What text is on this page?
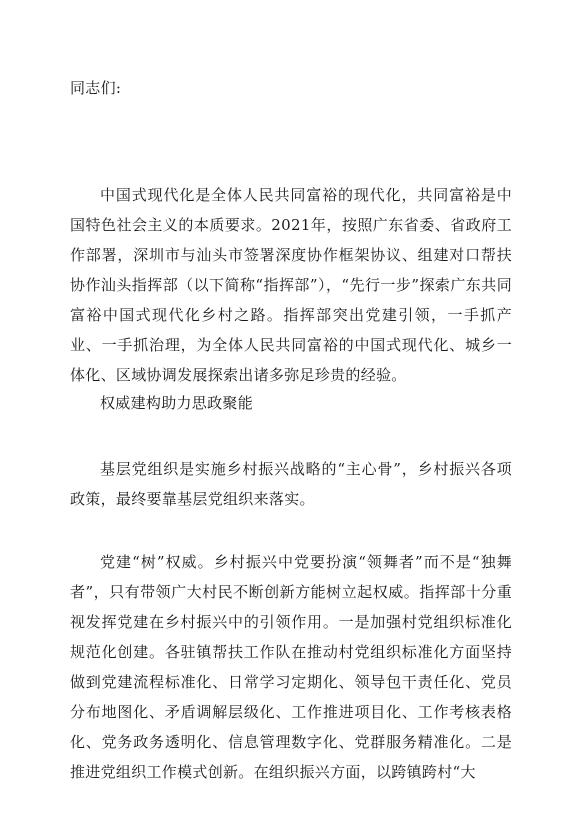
同志们:

中国式现代化是全体人民共同富裕的现代化，共同富裕是中国特色社会主义的本质要求。2021年，按照广东省委、省政府工作部署，深圳市与汕头市签署深度协作框架协议、组建对口帮扶协作汕头指挥部（以下简称“指挥部”），“先行一步”探索广东共同富裕中国式现代化乡村之路。指挥部突出党建引领，一手抓产业、一手抓治理，为全体人民共同富裕的中国式现代化、城乡一体化、区域协调发展探索出诸多弥足珍贵的经验。

权威建构助力思政聚能

基层党组织是实施乡村振兴战略的“主心骨”，乡村振兴各项政策，最终要靠基层党组织来落实。

党建“树”权威。乡村振兴中党要扮演“领舞者”而不是“独舞者”，只有带领广大村民不断创新方能树立起权威。指挥部十分重视发挥党建在乡村振兴中的引领作用。一是加强村党组织标准化规范化创建。各驻镇帮扶工作队在推动村党组织标准化方面坚持做到党建流程标准化、日常学习定期化、领导包干责任化、党员分布地图化、矛盾调解层级化、工作推进项目化、工作考核表格化、党务政务透明化、信息管理数字化、党群服务精准化。二是推进党组织工作模式创新。在组织振兴方面，以跨镇跨村“大
